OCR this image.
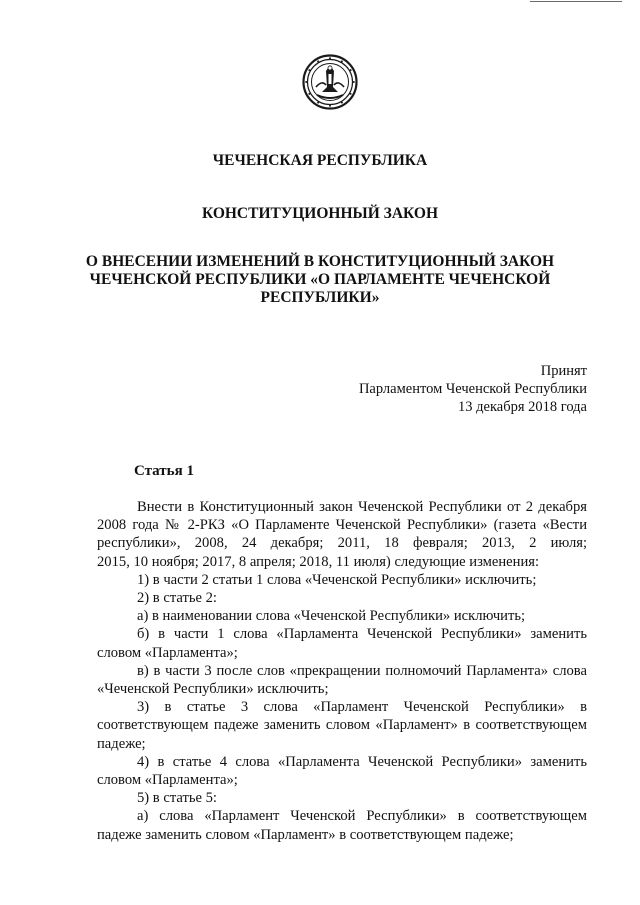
ЧЕЧЕНСКАЯ РЕСПУБЛИКА
КОНСТИТУЦИОННЫЙ ЗАКОН
О ВНЕСЕНИИ ИЗМЕНЕНИЙ В КОНСТИТУЦИОННЫЙ ЗАКОН
ЧЕЧЕНСКОЙ РЕСПУБЛИКИ «О ПАРЛАМЕНТЕ ЧЕЧЕНСКОЙ
РЕСПУБЛИКИ»
Принят
Парламентом Чеченской Республики
13 декабря 2018 года
Статья 1
Внести в Конституционный закон Чеченской Республики от 2 декабря
2008 года № 2-РКЗ «О Парламенте Чеченской Республики» (газета «Вести
республики», 2008, 24 декабря; 2011, 18 февраля; 2013, 2 июля;
2015, 10 ноября; 2017, 8 апреля; 2018, 11 июля) следующие изменения:
1) в части 2 статьи 1 слова «Чеченской Республики» исключить;
2) в статье 2:
а) в наименовании слова «Чеченской Республики» исключить;
б) в части 1 слова «Парламента Чеченской Республики» заменить
словом «Парламента»;
в) в части 3 после слов «прекращении полномочий Парламента» слова
«Чеченской Республики» исключить;
3) в статье 3 слова «Парламент Чеченской Республики» в
соответствующем падеже заменить словом «Парламент» в соответствующем
падеже;
4) в статье 4 слова «Парламента Чеченской Республики» заменить
словом «Парламента»;
5) в статье 5:
а) слова «Парламент Чеченской Республики» в соответствующем
падеже заменить словом «Парламент» в соответствующем падеже;
